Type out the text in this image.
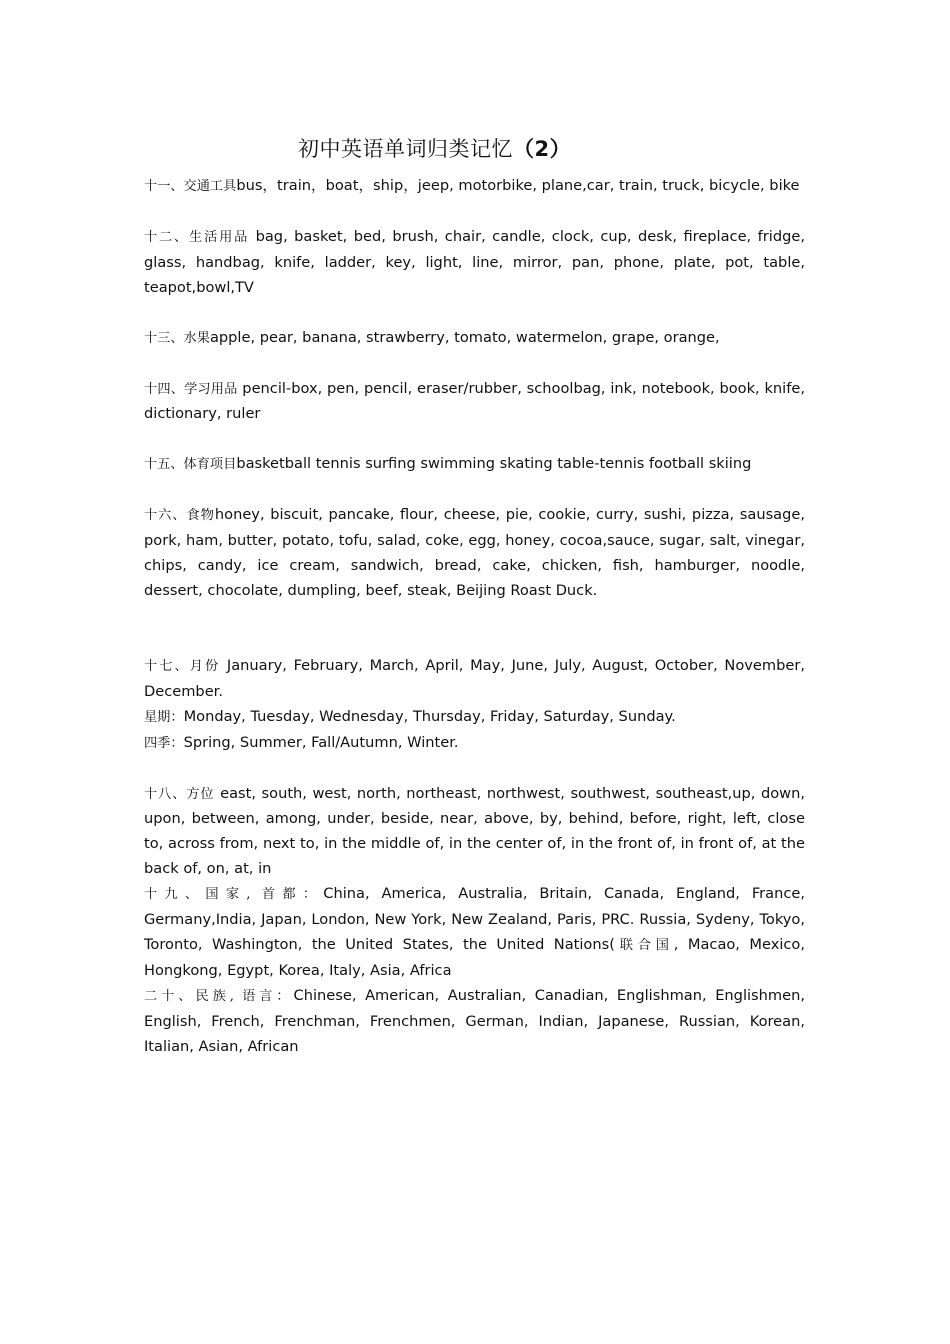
初中英语单词归类记忆（2）

十一、交通工具bus，train，boat，ship，jeep, motorbike, plane,car, train, truck, bicycle, bike

十二、生活用品 bag, basket, bed, brush, chair, candle, clock, cup, desk, fireplace, fridge, glass, handbag, knife, ladder, key, light, line, mirror, pan, phone, plate, pot, table, teapot,bowl,TV

十三、水果apple, pear, banana, strawberry, tomato, watermelon, grape, orange,

十四、学习用品 pencil-box, pen, pencil, eraser/rubber, schoolbag, ink, notebook, book, knife, dictionary, ruler

十五、体育项目basketball tennis surfing swimming skating table-tennis football skiing

十六、食物honey, biscuit, pancake, flour, cheese, pie, cookie, curry, sushi, pizza, sausage, pork, ham, butter, potato, tofu, salad, coke, egg, honey, cocoa,sauce, sugar, salt, vinegar, chips, candy, ice cream, sandwich, bread, cake, chicken, fish, hamburger, noodle, dessert, chocolate, dumpling, beef, steak, Beijing Roast Duck.

十七、月份 January, February, March, April, May, June, July, August, October, November, December.

星期：Monday, Tuesday, Wednesday, Thursday, Friday, Saturday, Sunday.

四季：Spring, Summer, Fall/Autumn, Winter.

十八、方位 east, south, west, north, northeast, northwest, southwest, southeast,up, down, upon, between, among, under, beside, near, above, by, behind, before, right, left, close to, across from, next to, in the middle of, in the center of, in the front of, in front of, at the back of, on, at, in

十九、国家, 首都：China, America, Australia, Britain, Canada, England, France, Germany,India, Japan, London, New York, New Zealand, Paris, PRC. Russia, Sydeny, Tokyo, Toronto, Washington, the United States, the United Nations(联合国, Macao, Mexico, Hongkong, Egypt, Korea, Italy, Asia, Africa

二十、民族, 语言：Chinese, American, Australian, Canadian, Englishman, Englishmen, English, French, Frenchman, Frenchmen, German, Indian, Japanese, Russian, Korean, Italian, Asian, African
